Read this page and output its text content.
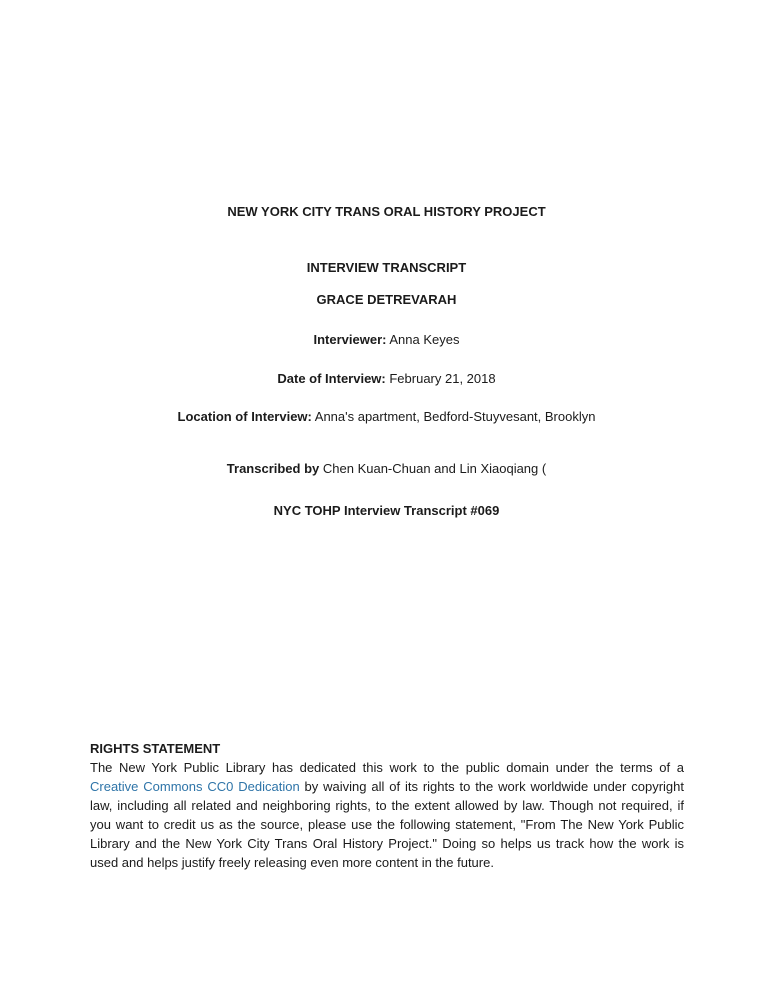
NEW YORK CITY TRANS ORAL HISTORY PROJECT
INTERVIEW TRANSCRIPT
GRACE DETREVARAH
Interviewer: Anna Keyes
Date of Interview: February 21, 2018
Location of Interview: Anna's apartment, Bedford-Stuyvesant, Brooklyn
Transcribed by Chen Kuan-Chuan and Lin Xiaoqiang (
NYC TOHP Interview Transcript #069
RIGHTS STATEMENT

The New York Public Library has dedicated this work to the public domain under the terms of a Creative Commons CC0 Dedication by waiving all of its rights to the work worldwide under copyright law, including all related and neighboring rights, to the extent allowed by law. Though not required, if you want to credit us as the source, please use the following statement, "From The New York Public Library and the New York City Trans Oral History Project." Doing so helps us track how the work is used and helps justify freely releasing even more content in the future.
